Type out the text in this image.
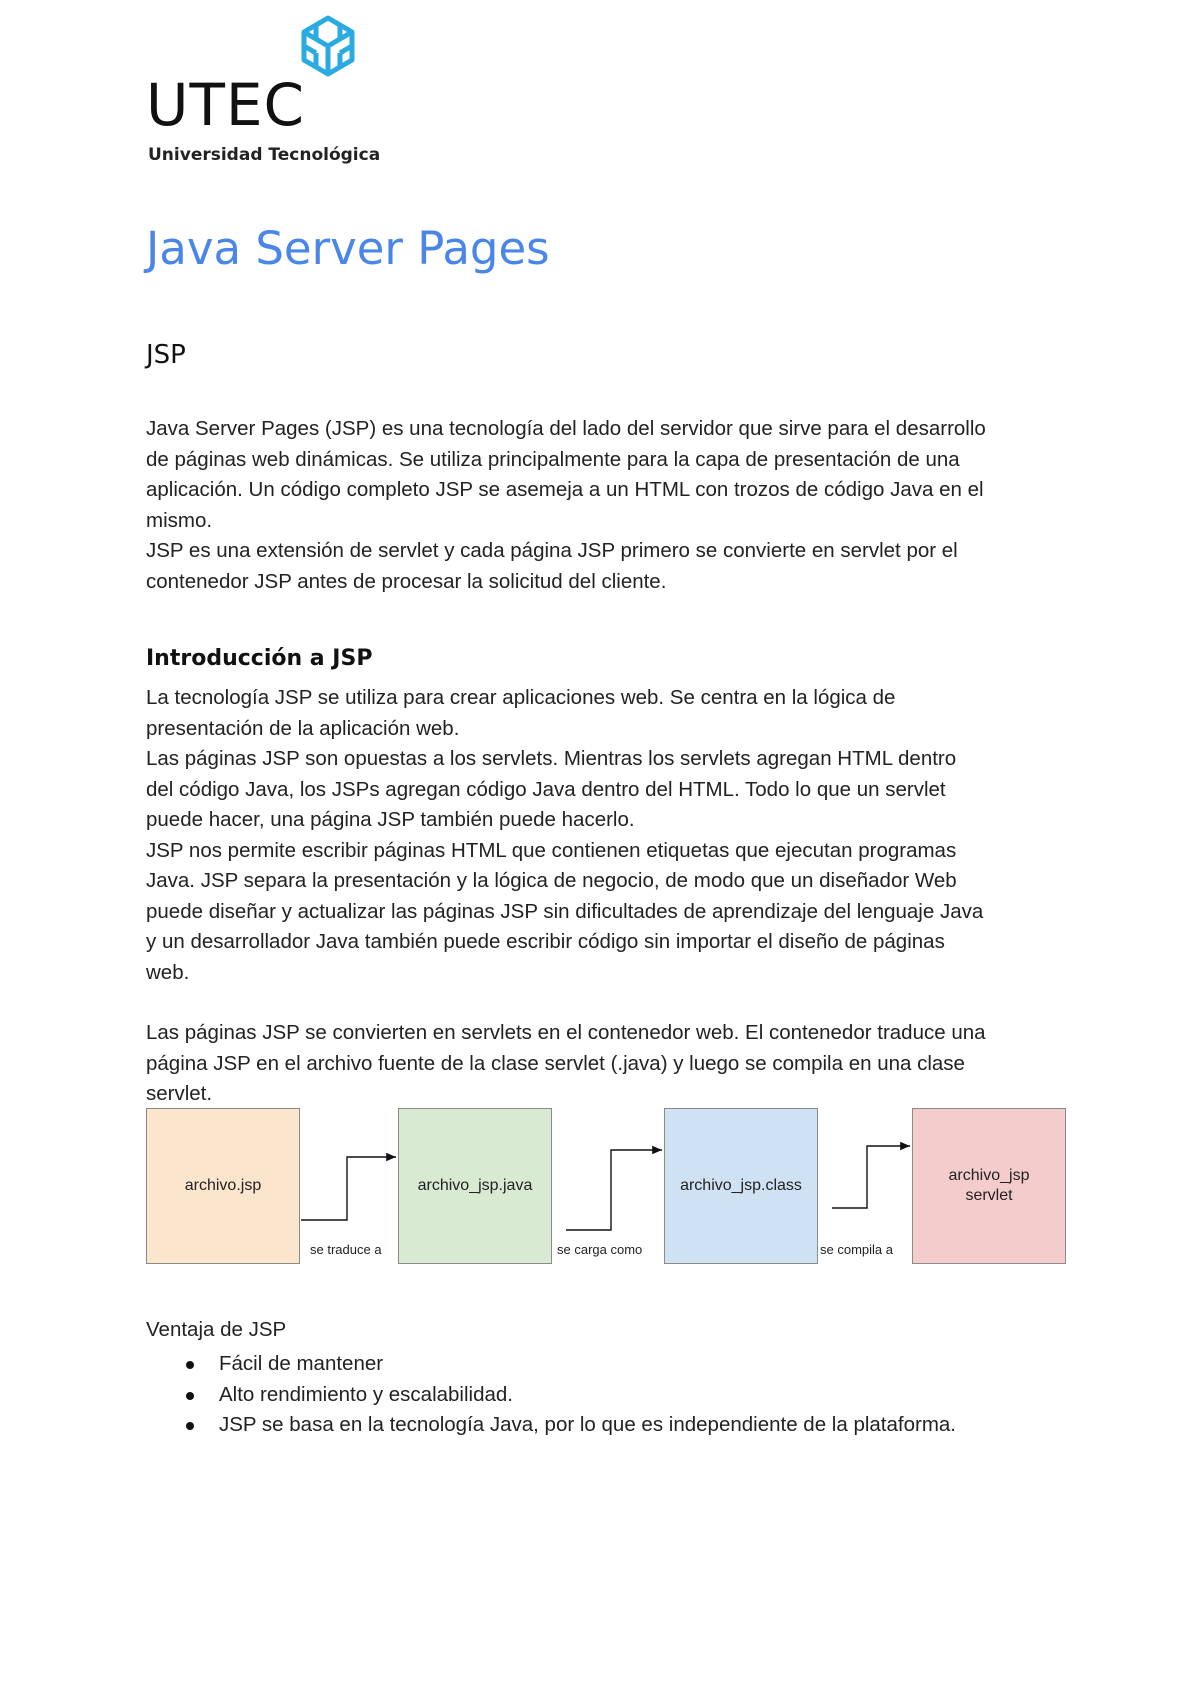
UTEC
Universidad Tecnológica
Java Server Pages
JSP
Java Server Pages (JSP) es una tecnología del lado del servidor que sirve para el desarrollo
de páginas web dinámicas. Se utiliza principalmente para la capa de presentación de una
aplicación. Un código completo JSP se asemeja a un HTML con trozos de código Java en el
mismo.
JSP es una extensión de servlet y cada página JSP primero se convierte en servlet por el
contenedor JSP antes de procesar la solicitud del cliente.
Introducción a JSP
La tecnología JSP se utiliza para crear aplicaciones web. Se centra en la lógica de
presentación de la aplicación web.
Las páginas JSP son opuestas a los servlets. Mientras los servlets agregan HTML dentro
del código Java, los JSPs agregan código Java dentro del HTML. Todo lo que un servlet
puede hacer, una página JSP también puede hacerlo.
JSP nos permite escribir páginas HTML que contienen etiquetas que ejecutan programas
Java. JSP separa la presentación y la lógica de negocio, de modo que un diseñador Web
puede diseñar y actualizar las páginas JSP sin dificultades de aprendizaje del lenguaje Java
y un desarrollador Java también puede escribir código sin importar el diseño de páginas
web.
Las páginas JSP se convierten en servlets en el contenedor web. El contenedor traduce una
página JSP en el archivo fuente de la clase servlet (.java) y luego se compila en una clase
servlet.
archivo.jsp	archivo_jsp.java	archivo_jsp.class
archivo_jsp
servlet
se traduce a	se carga como	se compila a

Ventaja de JSP

Fácil de mantener
Alto rendimiento y escalabilidad.
JSP se basa en la tecnología Java, por lo que es independiente de la plataforma.
